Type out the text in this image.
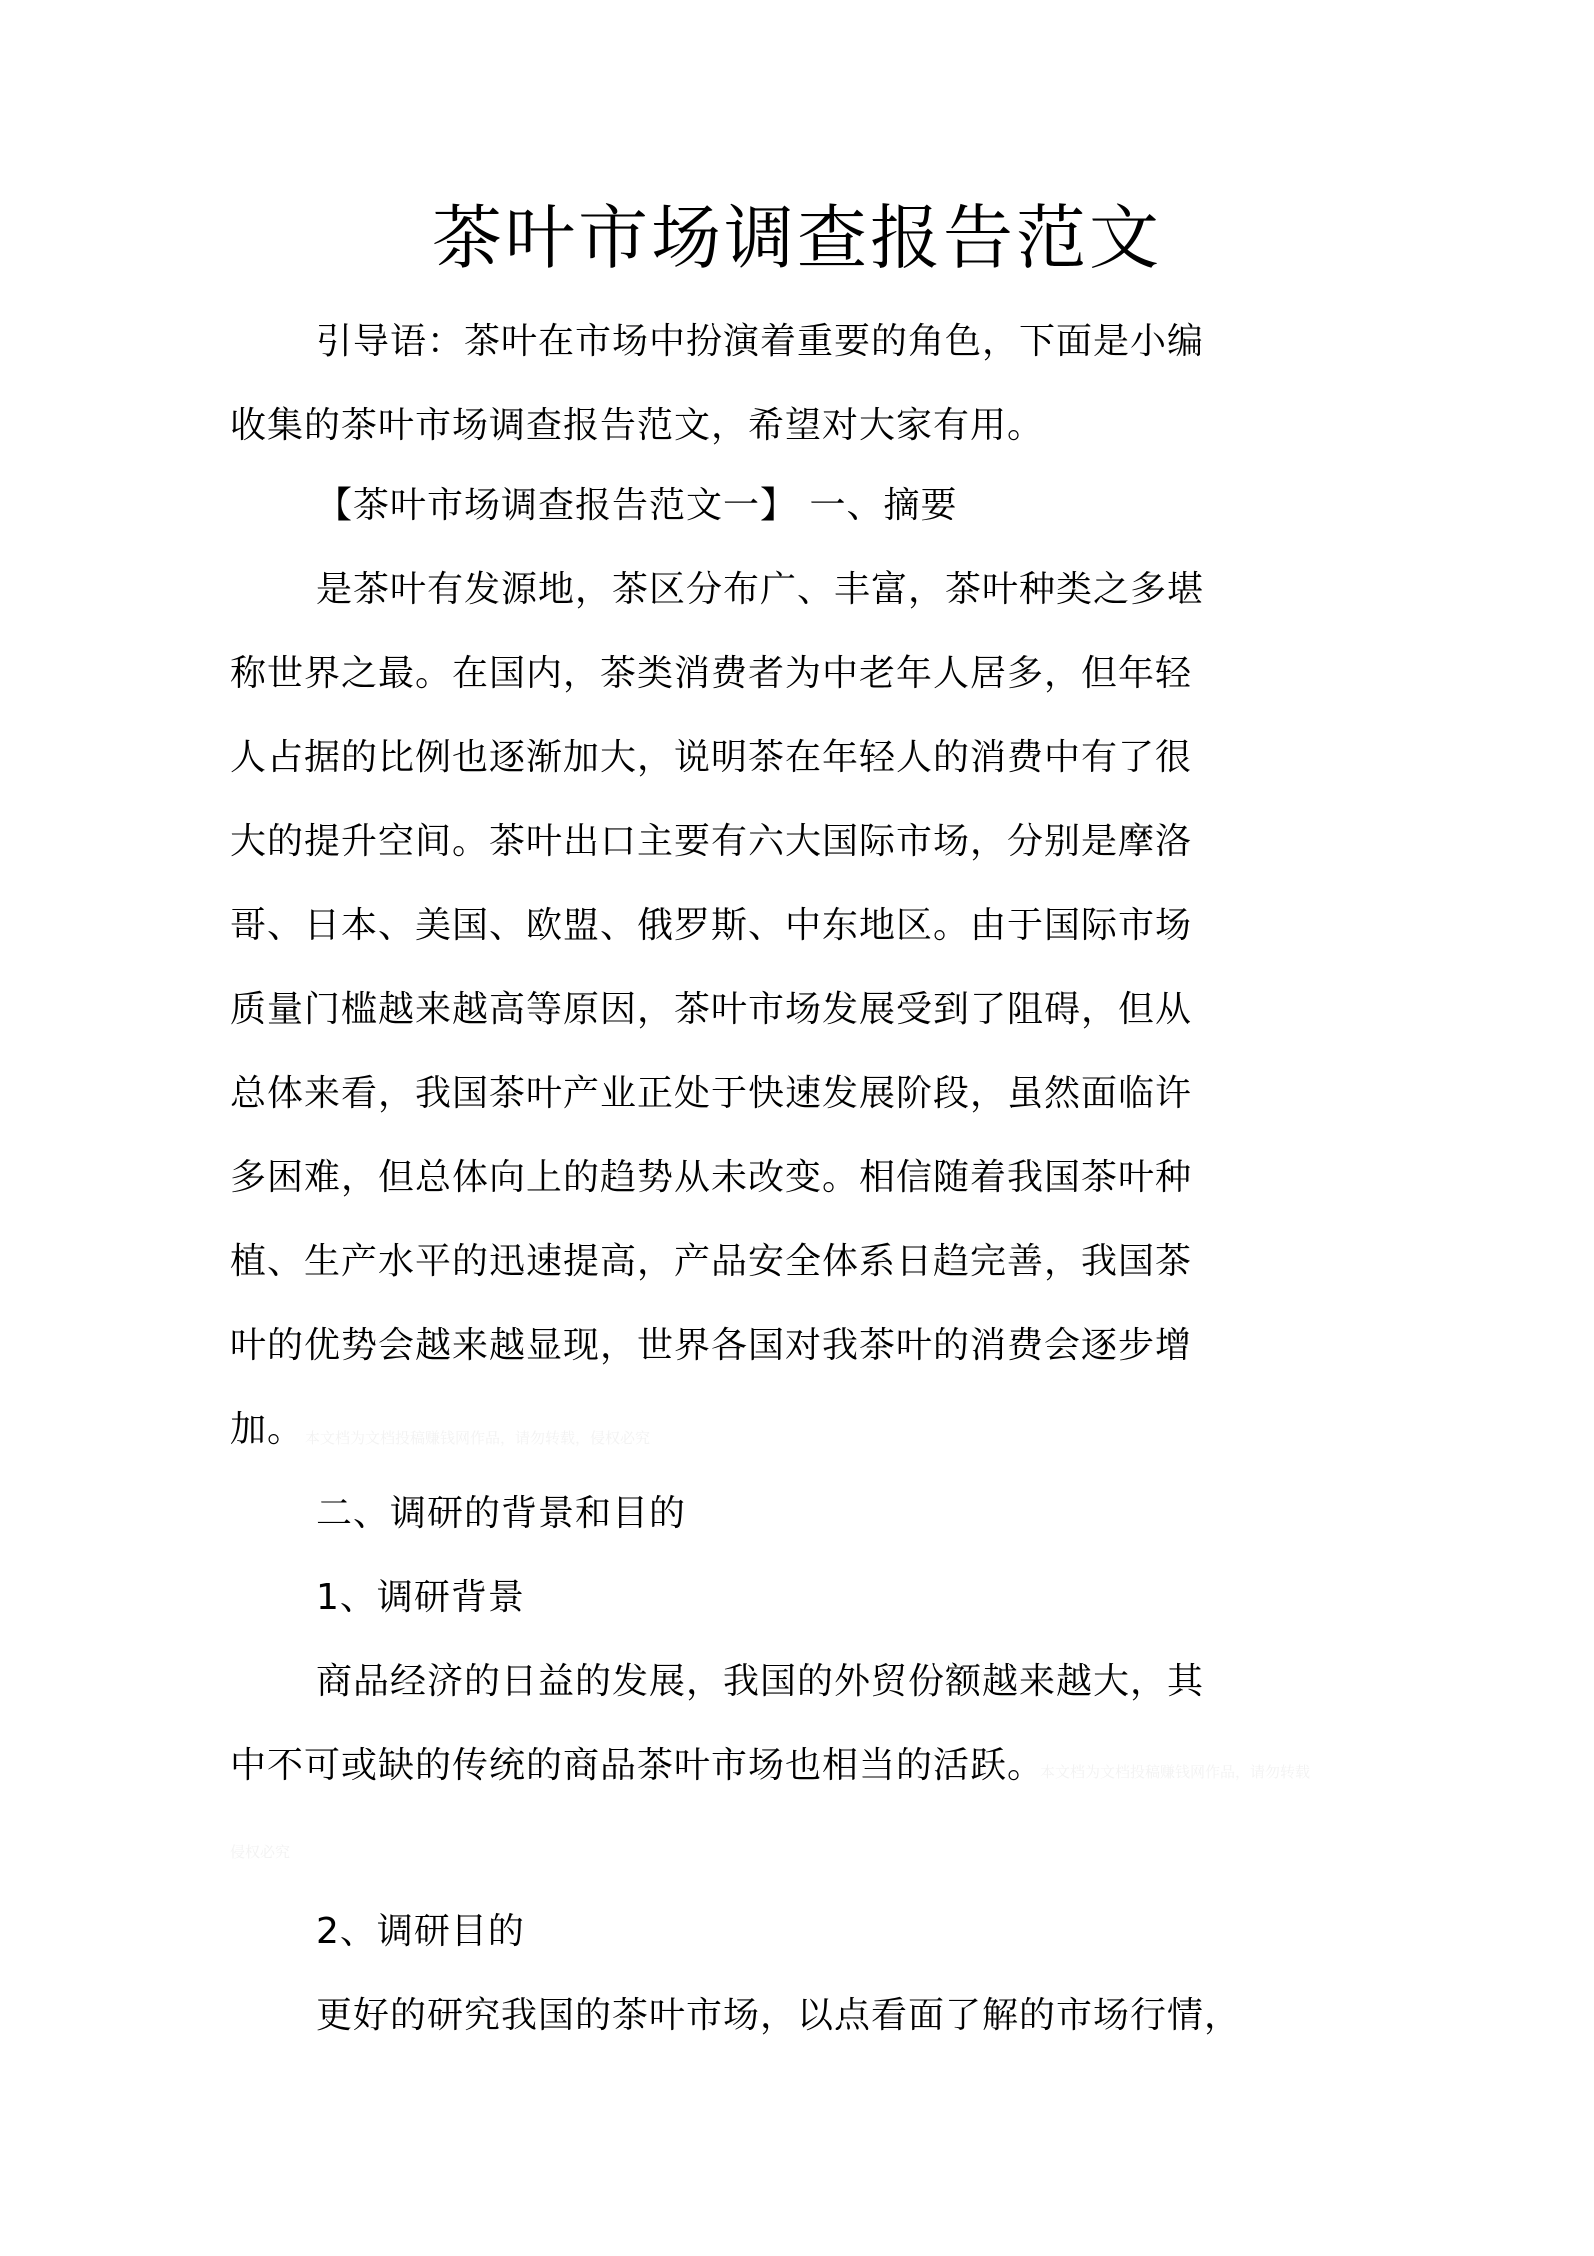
茶叶市场调查报告范文
引导语：茶叶在市场中扮演着重要的角色，下面是小编
收集的茶叶市场调查报告范文，希望对大家有用。
【茶叶市场调查报告范文一】 一、摘要
是茶叶有发源地，茶区分布广、丰富，茶叶种类之多堪
称世界之最。在国内，茶类消费者为中老年人居多，但年轻
人占据的比例也逐渐加大，说明茶在年轻人的消费中有了很
大的提升空间。茶叶出口主要有六大国际市场，分别是摩洛
哥、日本、美国、欧盟、俄罗斯、中东地区。由于国际市场
质量门槛越来越高等原因，茶叶市场发展受到了阻碍，但从
总体来看，我国茶叶产业正处于快速发展阶段，虽然面临许
多困难，但总体向上的趋势从未改变。相信随着我国茶叶种
植、生产水平的迅速提高，产品安全体系日趋完善，我国茶
叶的优势会越来越显现，世界各国对我茶叶的消费会逐步增
加。 本文档为文档投稿赚钱网作品，请勿转载，侵权必究
二、调研的背景和目的
1、调研背景
商品经济的日益的发展，我国的外贸份额越来越大，其
中不可或缺的传统的商品茶叶市场也相当的活跃。
本文档为文档投稿赚钱网作品，请勿转载
侵权必究
2、调研目的
更好的研究我国的茶叶市场，以点看面了解的市场行情，
